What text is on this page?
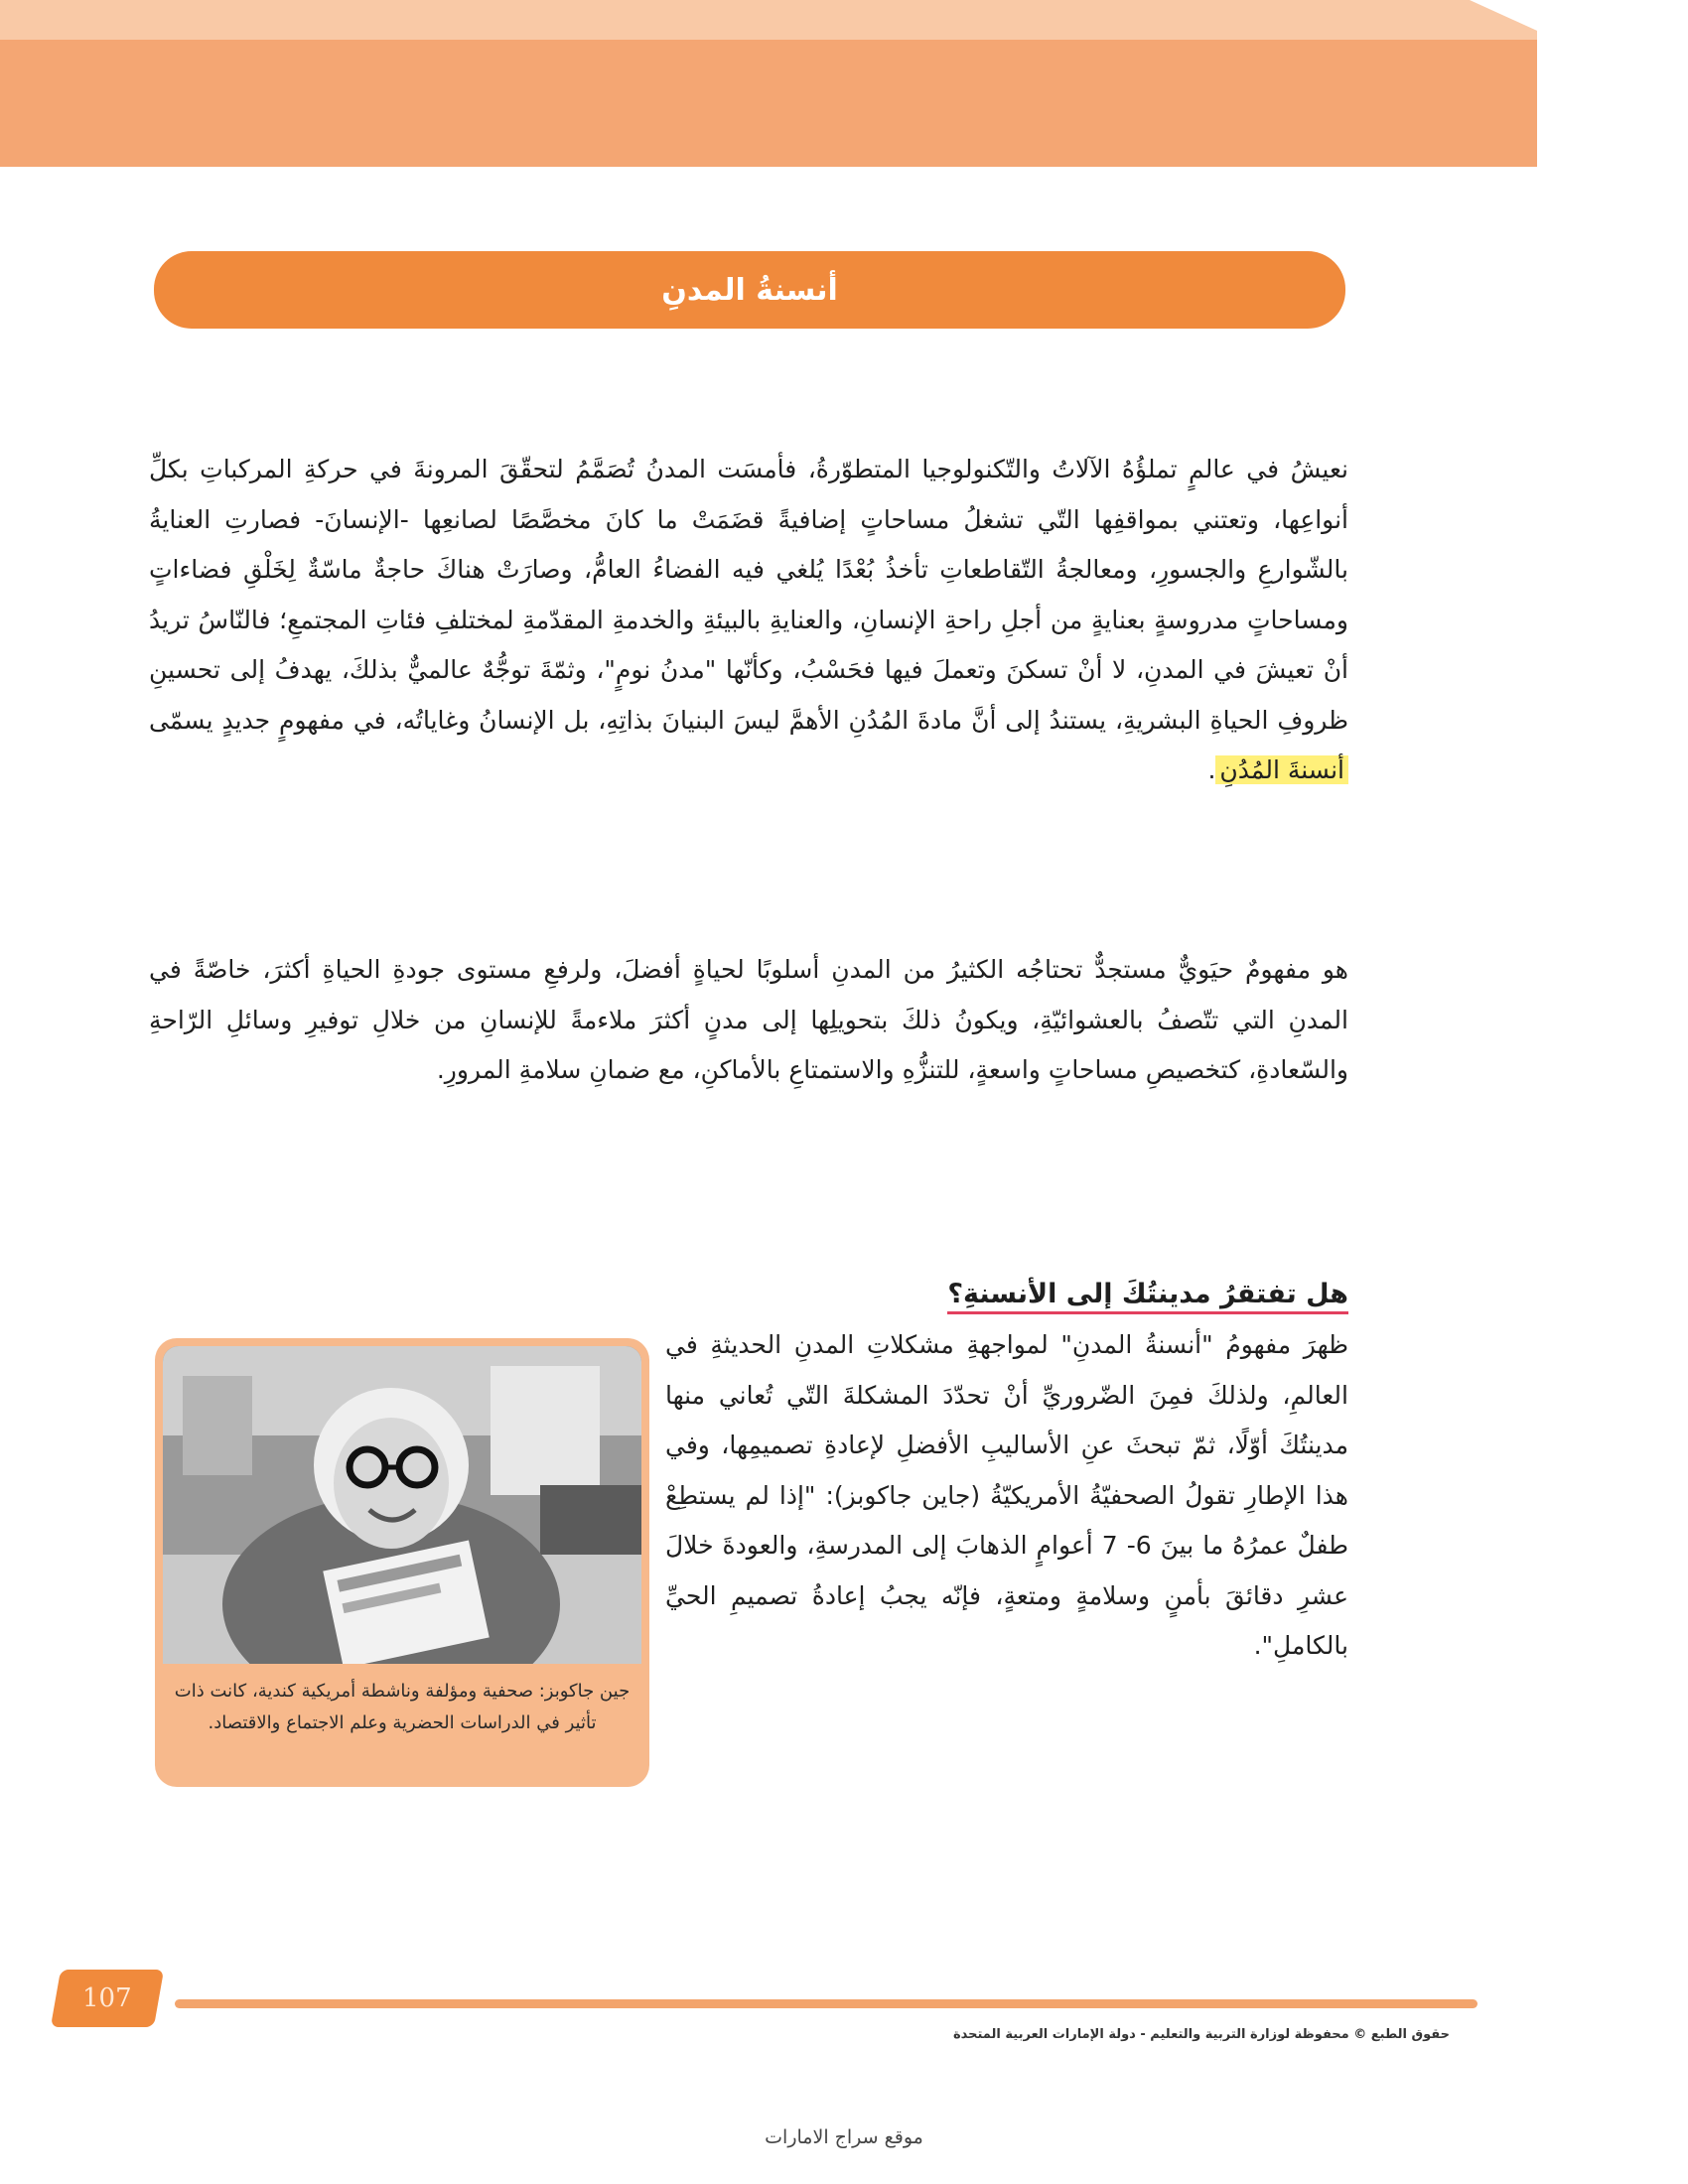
أنسنةُ المدنِ

نعيشُ في عالمٍ تملؤُهُ الآلاتُ والتّكنولوجيا المتطوّرةُ، فأمسَت المدنُ تُصَمَّمُ لتحقّقَ المرونةَ في حركةِ المركباتِ بكلِّ أنواعِها، وتعتني بمواقفِها التّي تشغلُ مساحاتٍ إضافيةً قضَمَتْ ما كانَ مخصَّصًا لصانعِها -الإنسانَ- فصارتِ العنايةُ بالشّوارعِ والجسورِ، ومعالجةُ التّقاطعاتِ تأخذُ بُعْدًا يُلغي فيه الفضاءُ العامُّ، وصارَتْ هناكَ حاجةٌ ماسّةٌ لِخَلْقِ فضاءاتٍ ومساحاتٍ مدروسةٍ بعنايةٍ من أجلِ راحةِ الإنسانِ، والعنايةِ بالبيئةِ والخدمةِ المقدّمةِ لمختلفِ فئاتِ المجتمعِ؛ فالنّاسُ تريدُ أنْ تعيشَ في المدنِ، لا أنْ تسكنَ وتعملَ فيها فحَسْبُ، وكأنّها "مدنُ نومٍ"، وثمّةَ توجُّهٌ عالميٌّ بذلكَ، يهدفُ إلى تحسينِ ظروفِ الحياةِ البشريةِ، يستندُ إلى أنَّ مادةَ المُدُنِ الأهمَّ ليسَ البنيانَ بذاتِهِ، بل الإنسانُ وغاياتُه، في مفهومٍ جديدٍ يسمّى أنسنةَ المُدُنِ.

هو مفهومٌ حيَويٌّ مستجدٌّ تحتاجُه الكثيرُ من المدنِ أسلوبًا لحياةٍ أفضلَ، ولرفعِ مستوى جودةِ الحياةِ أكثرَ، خاصّةً في المدنِ التي تتّصفُ بالعشوائيّةِ، ويكونُ ذلكَ بتحويلِها إلى مدنٍ أكثرَ ملاءمةً للإنسانِ من خلالِ توفيرِ وسائلِ الرّاحةِ والسّعادةِ، كتخصيصِ مساحاتٍ واسعةٍ، للتنزُّهِ والاستمتاعِ بالأماكنِ، مع ضمانِ سلامةِ المرورِ.

هل تفتقرُ مدينتُكَ إلى الأنسنةِ؟

ظهرَ مفهومُ "أنسنةُ المدنِ" لمواجهةِ مشكلاتِ المدنِ الحديثةِ في العالمِ، ولذلكَ فمِنَ الضّروريِّ أنْ تحدّدَ المشكلةَ التّي تُعاني منها مدينتُكَ أوّلًا، ثمّ تبحثَ عنِ الأساليبِ الأفضلِ لإعادةِ تصميمِها، وفي هذا الإطارِ تقولُ الصحفيّةُ الأمريكيّةُ (جاين جاكوبز): "إذا لم يستطِعْ طفلٌ عمرُهُ ما بينَ 6- 7 أعوامٍ الذهابَ إلى المدرسةِ، والعودةَ خلالَ عشرِ دقائقَ بأمنٍ وسلامةٍ ومتعةٍ، فإنّه يجبُ إعادةُ تصميمِ الحيِّ بالكاملِ".

جين جاكوبز: صحفية ومؤلفة وناشطة أمريكية كندية، كانت ذات تأثير في الدراسات الحضرية وعلم الاجتماع والاقتصاد.

107

حقوق الطبع © محفوظة لوزارة التربية والتعليم - دولة الإمارات العربية المتحدة

موقع سراج الامارات
